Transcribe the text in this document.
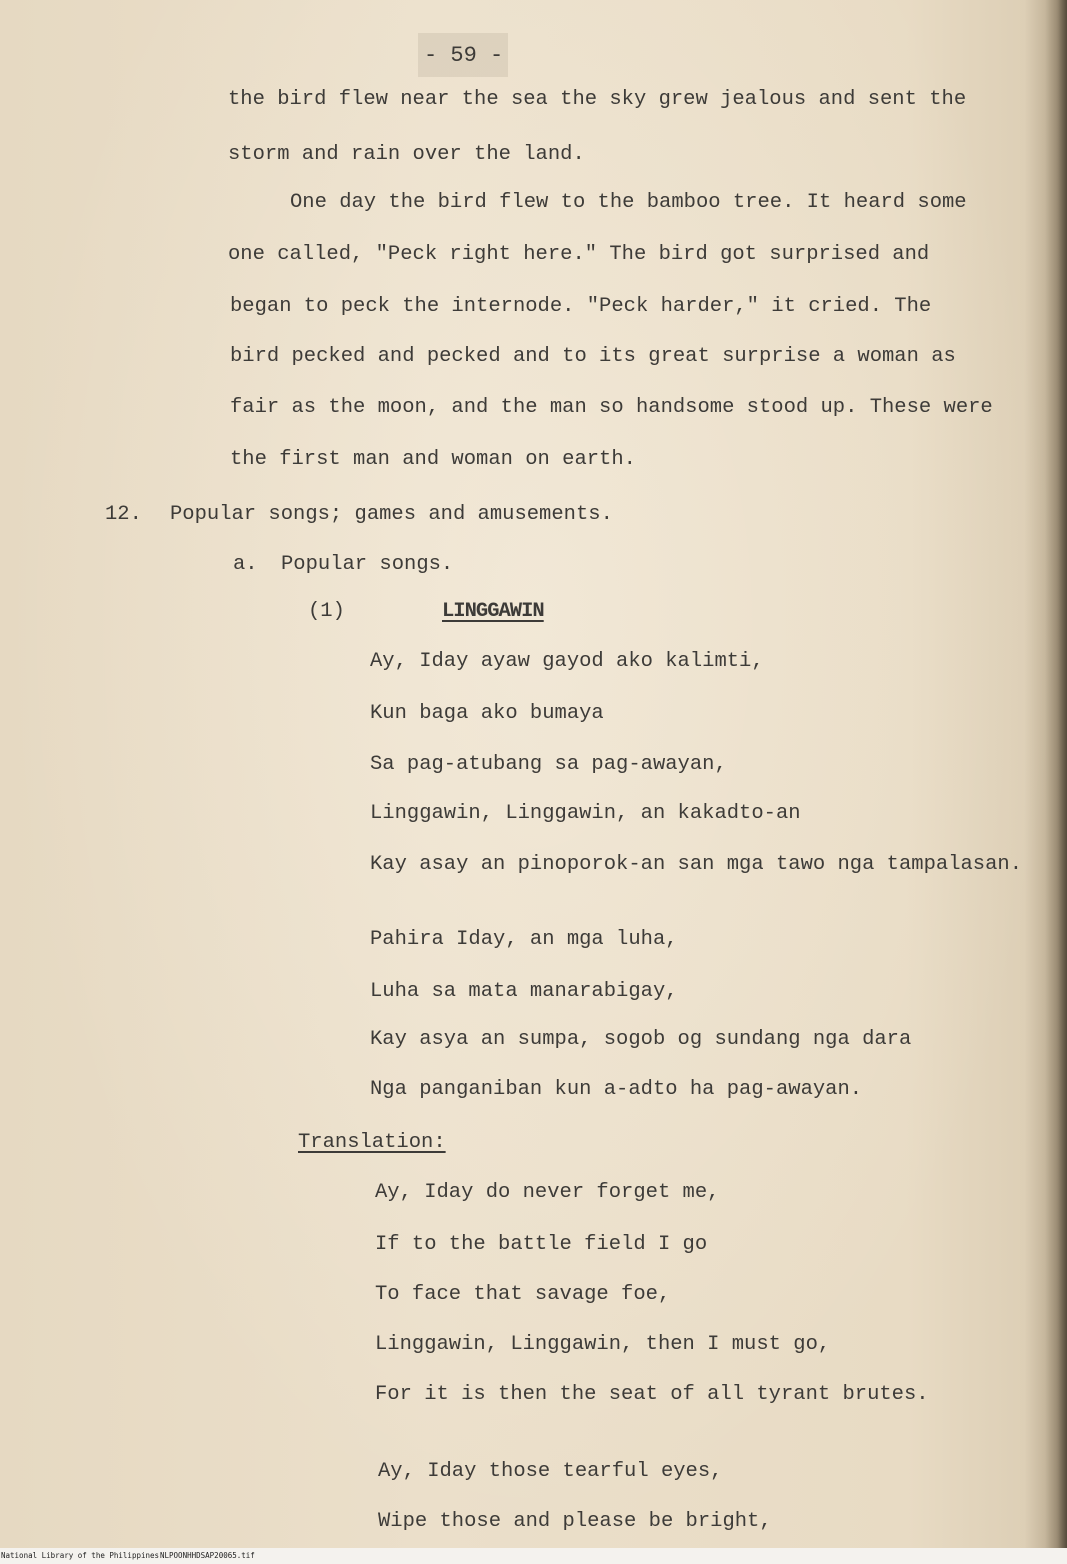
- 59 -
the bird flew near the sea the sky grew jealous and sent the
storm and rain over the land.
One day the bird flew to the bamboo tree. It heard some
one called, "Peck right here." The bird got surprised and
began to peck the internode. "Peck harder," it cried. The
bird pecked and pecked and to its great surprise a woman as
fair as the moon, and the man so handsome stood up. These were
the first man and woman on earth.
12. Popular songs; games and amusements.
a. Popular songs.
(1)	LINGGAWIN
Ay, Iday ayaw gayod ako kalimti,
Kun baga ako bumaya
Sa pag-atubang sa pag-awayan,
Linggawin, Linggawin, an kakadto-an
Kay asay an pinoporok-an san mga tawo nga tampalasan.
Pahira Iday, an mga luha,
Luha sa mata manarabigay,
Kay asya an sumpa, sogob og sundang nga dara
Nga panganiban kun a-adto ha pag-awayan.
Translation:
Ay, Iday do never forget me,
If to the battle field I go
To face that savage foe,
Linggawin, Linggawin, then I must go,
For it is then the seat of all tyrant brutes.
Ay, Iday those tearful eyes,
Wipe those and please be bright,
National Library of the Philippines NLPOONHHDSAP20065.tif
